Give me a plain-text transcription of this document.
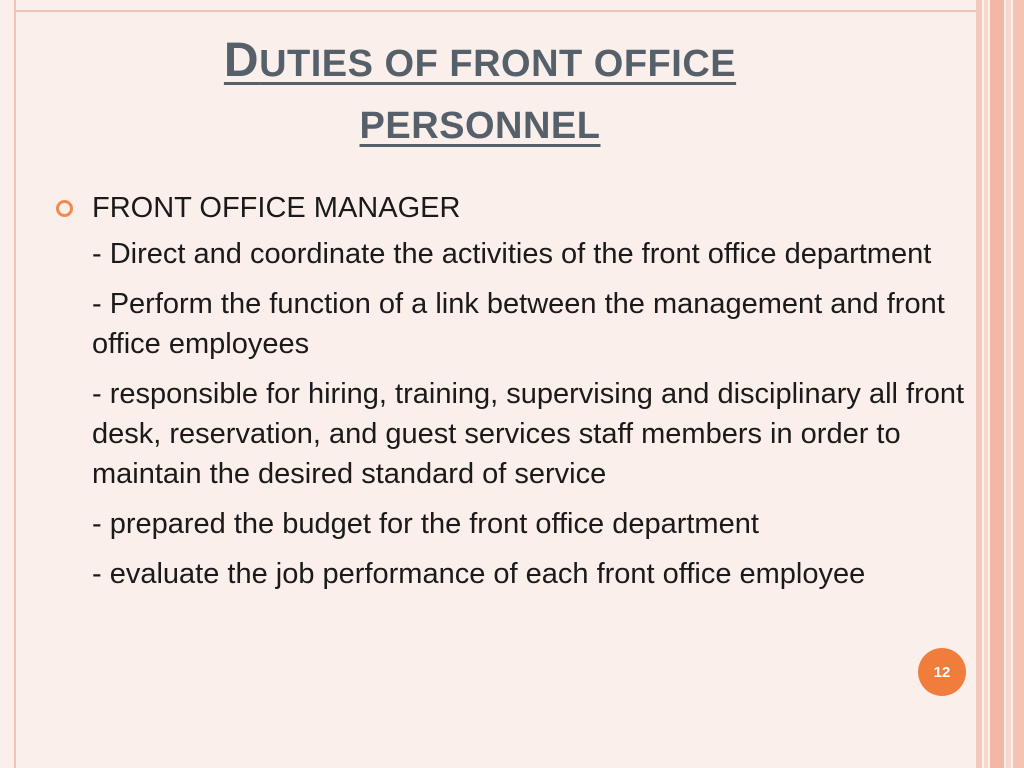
DUTIES OF FRONT OFFICE
PERSONNEL
FRONT OFFICE MANAGER
- Direct and coordinate the activities of the front office department
- Perform the function of a link between the management and front office employees
- responsible for hiring, training, supervising and disciplinary all front desk, reservation, and guest services staff members in order to maintain the desired standard of service
- prepared the budget for the front office department
- evaluate the job performance of each front office employee
12
